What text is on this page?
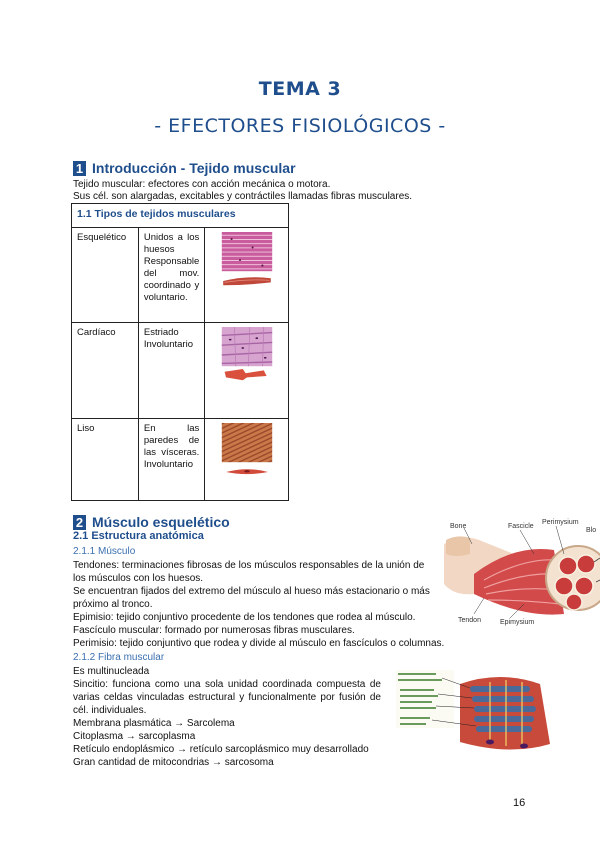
TEMA 3
- EFECTORES FISIOLÓGICOS -
1 Introducción - Tejido muscular
Tejido muscular: efectores con acción mecánica o motora.
Sus cél. son alargadas, excitables y contráctiles llamadas fibras musculares.
1.1 Tipos de tejidos musculares		
Esquelético	Unidos a los huesos Responsable del mov. coordinado y voluntario.	
Cardíaco	Estriado Involuntario	
Liso	En las paredes de las vísceras. Involuntario	
2 Músculo esquelético
2.1 Estructura anatómica
2.1.1 Músculo
Tendones: terminaciones fibrosas de los músculos responsables de la unión de
los músculos con los huesos.
Se encuentran fijados del extremo del músculo al hueso más estacionario o más
próximo al tronco.
Epimisio: tejido conjuntivo procedente de los tendones que rodea al músculo.
Fascículo muscular: formado por numerosas fibras musculares.
Perimisio: tejido conjuntivo que rodea y divide al músculo en fascículos o columnas.
2.1.2 Fibra muscular
Es multinucleada
Sincitio: funciona como una sola unidad coordinada compuesta de varias celdas vinculadas estructural y funcionalmente por fusión de cél. individuales.
Membrana plasmática → Sarcolema
Citoplasma → sarcoplasma
Retículo endoplásmico → retículo sarcoplásmico muy desarrollado
Gran cantidad de mitocondrias → sarcosoma
Bone	Fascicle
Perimysium
Blo
Tendon	Epimysium
16
